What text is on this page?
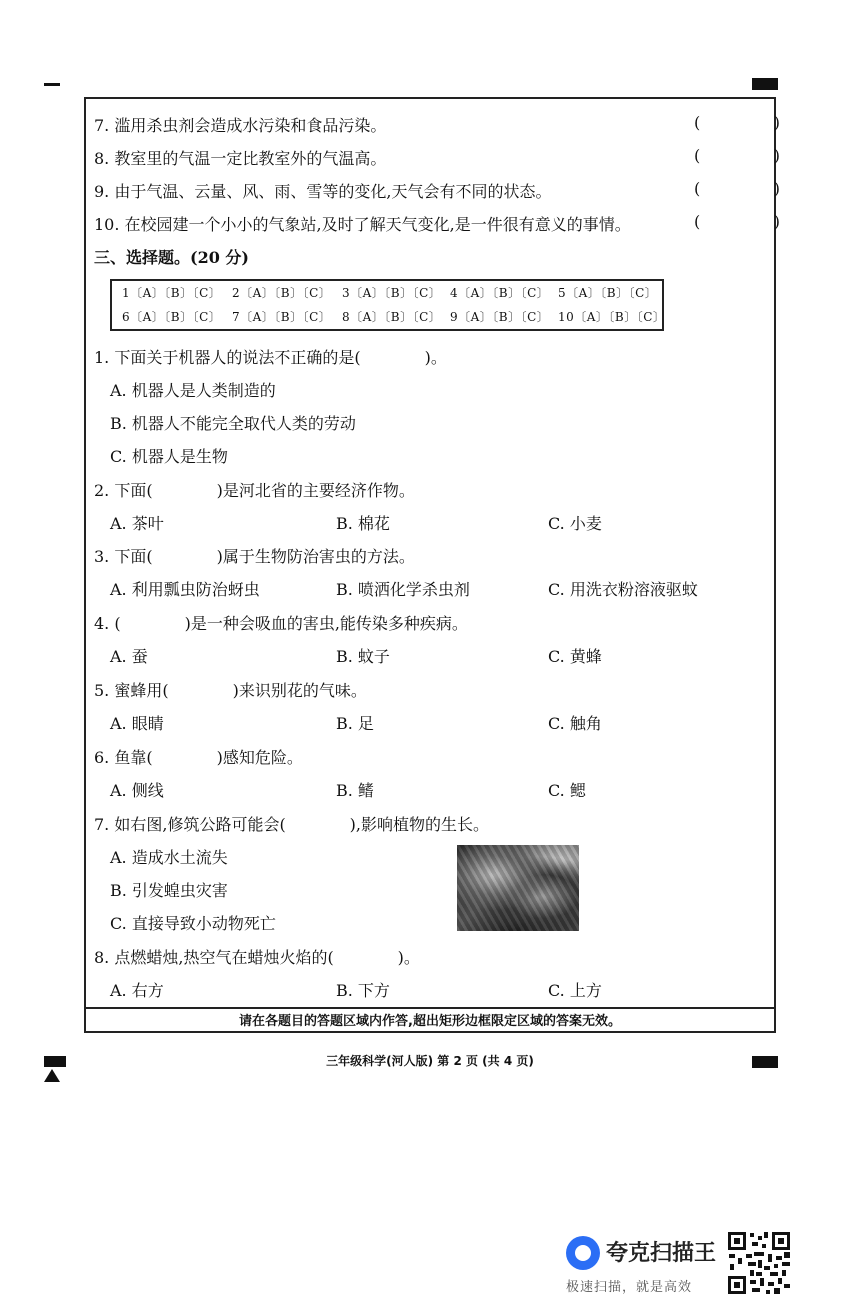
7. 滥用杀虫剂会造成水污染和食品污染。	(	)
8. 教室里的气温一定比教室外的气温高。	(	)
9. 由于气温、云量、风、雨、雪等的变化,天气会有不同的状态。	(	)
10. 在校园建一个小小的气象站,及时了解天气变化,是一件很有意义的事情。	(	)
三、选择题。(20 分)
1〔A〕〔B〕〔C〕 2〔A〕〔B〕〔C〕 3〔A〕〔B〕〔C〕 4〔A〕〔B〕〔C〕 5〔A〕〔B〕〔C〕
6〔A〕〔B〕〔C〕 7〔A〕〔B〕〔C〕 8〔A〕〔B〕〔C〕 9〔A〕〔B〕〔C〕 10〔A〕〔B〕〔C〕
1. 下面关于机器人的说法不正确的是(　　　　)。
A. 机器人是人类制造的
B. 机器人不能完全取代人类的劳动
C. 机器人是生物
2. 下面(　　　　)是河北省的主要经济作物。
A. 茶叶	B. 棉花	C. 小麦
3. 下面(　　　　)属于生物防治害虫的方法。
A. 利用瓢虫防治蚜虫	B. 喷洒化学杀虫剂	C. 用洗衣粉溶液驱蚊
4. (　　　　)是一种会吸血的害虫,能传染多种疾病。
A. 蚕	B. 蚊子	C. 黄蜂
5. 蜜蜂用(　　　　)来识别花的气味。
A. 眼睛	B. 足	C. 触角
6. 鱼靠(　　　　)感知危险。
A. 侧线	B. 鳍	C. 鳃
7. 如右图,修筑公路可能会(　　　　),影响植物的生长。
A. 造成水土流失
B. 引发蝗虫灾害
C. 直接导致小动物死亡
8. 点燃蜡烛,热空气在蜡烛火焰的(　　　　)。
A. 右方	B. 下方	C. 上方
请在各题目的答题区域内作答,超出矩形边框限定区域的答案无效。
三年级科学(河人版) 第 2 页 (共 4 页)
夸克扫描王
极速扫描，就是高效
